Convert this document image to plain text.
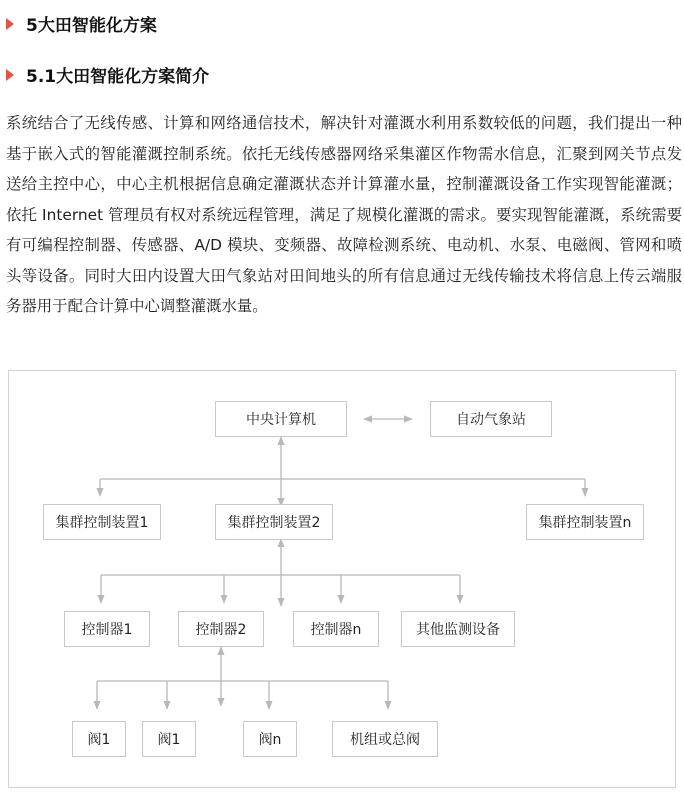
5大田智能化方案
5.1大田智能化方案简介

系统结合了无线传感、计算和网络通信技术，解决针对灌溉水利用系数较低的问题，我们提出一种基于嵌入式的智能灌溉控制系统。依托无线传感器网络采集灌区作物需水信息，汇聚到网关节点发送给主控中心，中心主机根据信息确定灌溉状态并计算灌水量，控制灌溉设备工作实现智能灌溉；依托 Internet 管理员有权对系统远程管理，满足了规模化灌溉的需求。要实现智能灌溉，系统需要有可编程控制器、传感器、A/D 模块、变频器、故障检测系统、电动机、水泵、电磁阀、管网和喷头等设备。同时大田内设置大田气象站对田间地头的所有信息通过无线传输技术将信息上传云端服务器用于配合计算中心调整灌溉水量。

中央计算机	自动气象站
集群控制装置1	集群控制装置2	集群控制装置n
控制器1	控制器2	控制器n	其他监测设备
阀1	阀1	阀n	机组或总阀
